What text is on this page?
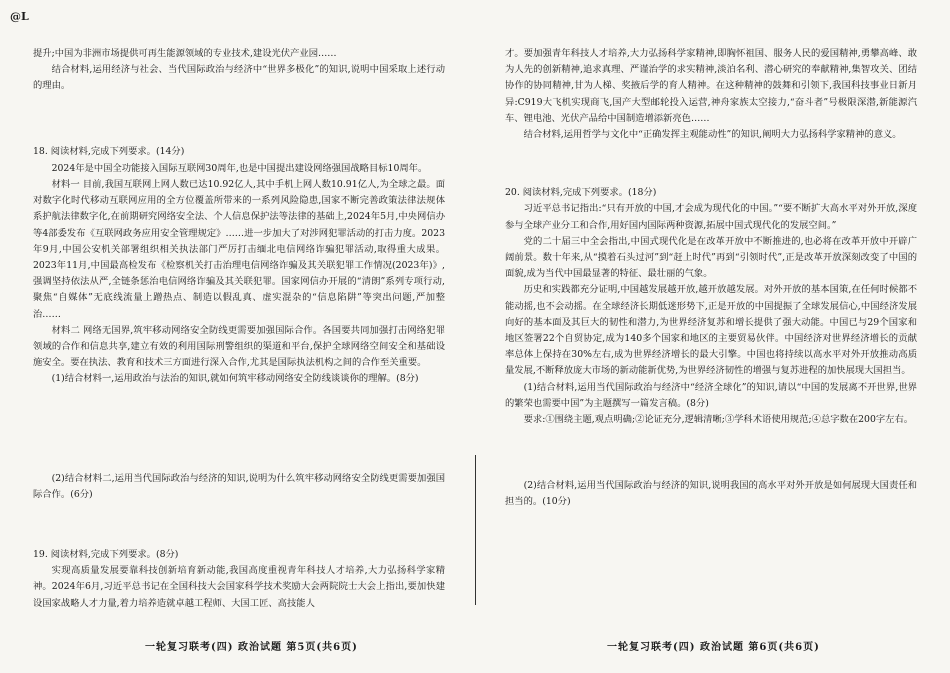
@L

提升;中国为非洲市场提供可再生能源领域的专业技术,建设光伏产业园……

结合材料,运用经济与社会、当代国际政治与经济中“世界多极化”的知识,说明中国采取上述行动的理由。

18. 阅读材料,完成下列要求。(14分)

2024年是中国全功能接入国际互联网30周年,也是中国提出建设网络强国战略目标10周年。

材料一 目前,我国互联网上网人数已达10.92亿人,其中手机上网人数10.91亿人,为全球之最。面对数字化时代移动互联网应用的全方位覆盖所带来的一系列风险隐患,国家不断完善政策法律法规体系护航法律数字化,在前期研究网络安全法、个人信息保护法等法律的基础上,2024年5月,中央网信办等4部委发布《互联网政务应用安全管理规定》……进一步加大了对涉网犯罪活动的打击力度。2023年9月,中国公安机关部署组织相关执法部门严厉打击缅北电信网络诈骗犯罪活动,取得重大成果。2023年11月,中国最高检发布《检察机关打击治理电信网络诈骗及其关联犯罪工作情况(2023年)》,强调坚持依法从严,全链条惩治电信网络诈骗及其关联犯罪。国家网信办开展的“清朗”系列专项行动,聚焦“自媒体”无底线流量上蹭热点、制造以假乱真、虚实混杂的“信息陷阱”等突出问题,严加整治……

材料二 网络无国界,筑牢移动网络安全防线更需要加强国际合作。各国要共同加强打击网络犯罪领域的合作和信息共享,建立有效的利用国际刑警组织的渠道和平台,保护全球网络空间安全和基础设施安全。要在执法、教育和技术三方面进行深入合作,尤其是国际执法机构之间的合作至关重要。

(1)结合材料一,运用政治与法治的知识,就如何筑牢移动网络安全防线谈谈你的理解。(8分)

(2)结合材料二,运用当代国际政治与经济的知识,说明为什么筑牢移动网络安全防线更需要加强国际合作。(6分)

19. 阅读材料,完成下列要求。(8分)

实现高质量发展要靠科技创新培育新动能,我国高度重视青年科技人才培养,大力弘扬科学家精神。2024年6月,习近平总书记在全国科技大会国家科学技术奖励大会两院院士大会上指出,要加快建设国家战略人才力量,着力培养造就卓越工程师、大国工匠、高技能人

才。要加强青年科技人才培养,大力弘扬科学家精神,即胸怀祖国、服务人民的爱国精神,勇攀高峰、敢为人先的创新精神,追求真理、严谨治学的求实精神,淡泊名利、潜心研究的奉献精神,集智攻关、团结协作的协同精神,甘为人梯、奖掖后学的育人精神。在这种精神的鼓舞和引领下,我国科技事业日新月异:C919大飞机实现商飞,国产大型邮轮投入运营,神舟家族太空接力,“奋斗者”号极限深潜,新能源汽车、锂电池、光伏产品给中国制造增添新亮色……

结合材料,运用哲学与文化中“正确发挥主观能动性”的知识,阐明大力弘扬科学家精神的意义。

20. 阅读材料,完成下列要求。(18分)

习近平总书记指出:“只有开放的中国,才会成为现代化的中国。”“要不断扩大高水平对外开放,深度参与全球产业分工和合作,用好国内国际两种资源,拓展中国式现代化的发展空间。”

党的二十届三中全会指出,中国式现代化是在改革开放中不断推进的,也必将在改革开放中开辟广阔前景。数十年来,从“摸着石头过河”到“赶上时代”再到“引领时代”,正是改革开放深刻改变了中国的面貌,成为当代中国最显著的特征、最壮丽的气象。

历史和实践都充分证明,中国越发展越开放,越开放越发展。对外开放的基本国策,在任何时候都不能动摇,也不会动摇。在全球经济长期低迷形势下,正是开放的中国提振了全球发展信心,中国经济发展向好的基本面及其巨大的韧性和潜力,为世界经济复苏和增长提供了强大动能。中国已与29个国家和地区签署22个自贸协定,成为140多个国家和地区的主要贸易伙伴。中国经济对世界经济增长的贡献率总体上保持在30%左右,成为世界经济增长的最大引擎。中国也将持续以高水平对外开放推动高质量发展,不断释放庞大市场的新动能新优势,为世界经济韧性的增强与复苏进程的加快展现大国担当。

(1)结合材料,运用当代国际政治与经济中“经济全球化”的知识,请以“中国的发展离不开世界,世界的繁荣也需要中国”为主题撰写一篇发言稿。(8分)

要求:①围绕主题,观点明确;②论证充分,逻辑清晰;③学科术语使用规范;④总字数在200字左右。

(2)结合材料,运用当代国际政治与经济的知识,说明我国的高水平对外开放是如何展现大国责任和担当的。(10分)

一轮复习联考(四) 政治试题 第5页(共6页)	一轮复习联考(四) 政治试题 第6页(共6页)
